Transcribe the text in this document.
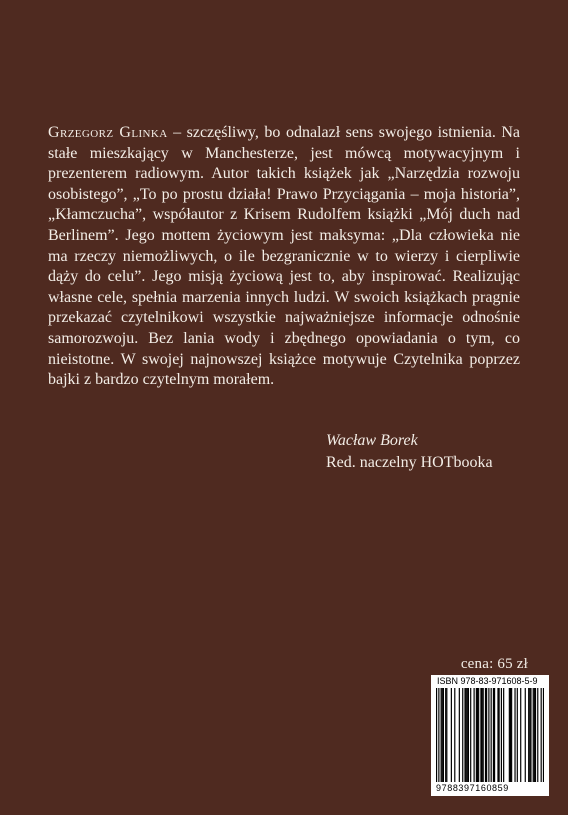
Grzegorz Glinka – szczęśliwy, bo odnalazł sens swojego istnienia. Na stałe mieszkający w Manchesterze, jest mówcą motywacyjnym i prezenterem radiowym. Autor takich książek jak „Narzędzia rozwoju osobistego”, „To po prostu działa! Prawo Przyciągania – moja historia”, „Kłamczucha”, współautor z Krisem Rudolfem książki „Mój duch nad Berlinem”. Jego mottem życiowym jest maksyma: „Dla człowieka nie ma rzeczy niemożliwych, o ile bezgranicznie w to wierzy i cierpliwie dąży do celu”. Jego misją życiową jest to, aby inspirować. Realizując własne cele, spełnia marzenia innych ludzi. W swoich książkach pragnie przekazać czytelnikowi wszystkie najważniejsze informacje odnośnie samorozwoju. Bez lania wody i zbędnego opowiadania o tym, co nieistotne. W swojej najnowszej książce motywuje Czytelnika poprzez bajki z bardzo czytelnym morałem.
Wacław Borek
Red. naczelny HOTbooka
cena: 65 zł
ISBN 978-83-971608-5-9
9788397160859
